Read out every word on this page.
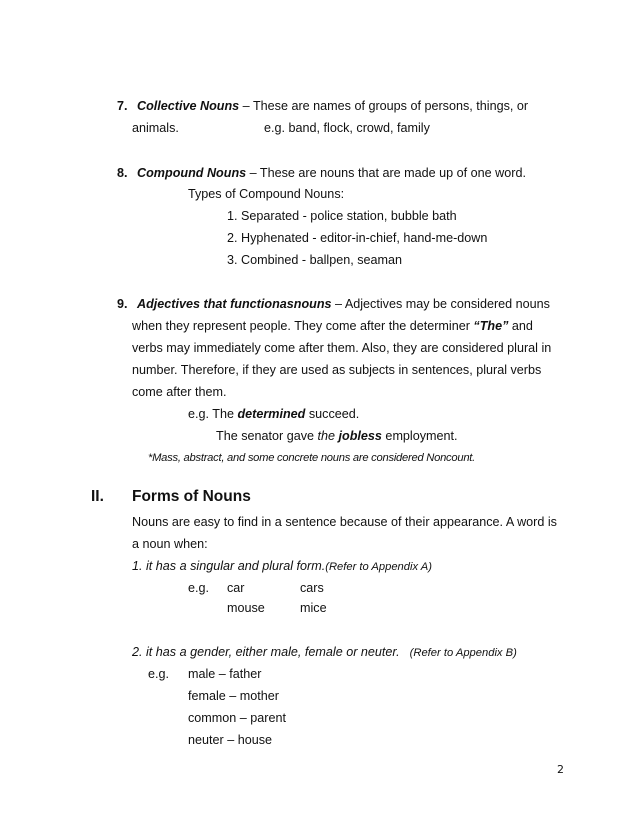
7. Collective Nouns – These are names of groups of persons, things, or
animals.	e.g. band, flock, crowd, family
8. Compound Nouns – These are nouns that are made up of one word.
Types of Compound Nouns:
1. Separated - police station, bubble bath
2. Hyphenated - editor-in-chief, hand-me-down
3. Combined - ballpen, seaman
9. Adjectives that functionasnouns – Adjectives may be considered nouns
when they represent people. They come after the determiner “The” and
verbs may immediately come after them. Also, they are considered plural in
number. Therefore, if they are used as subjects in sentences, plural verbs
come after them.
e.g. The determined succeed.
The senator gave the jobless employment.
*Mass, abstract, and some concrete nouns are considered Noncount.
II. Forms of Nouns
Nouns are easy to find in a sentence because of their appearance. A word is
a noun when:
1. it has a singular and plural form.(Refer to Appendix A)
e.g. car	cars
mouse	mice
2. it has a gender, either male, female or neuter. (Refer to Appendix B)
e.g. male – father
female – mother
common – parent
neuter – house
2
